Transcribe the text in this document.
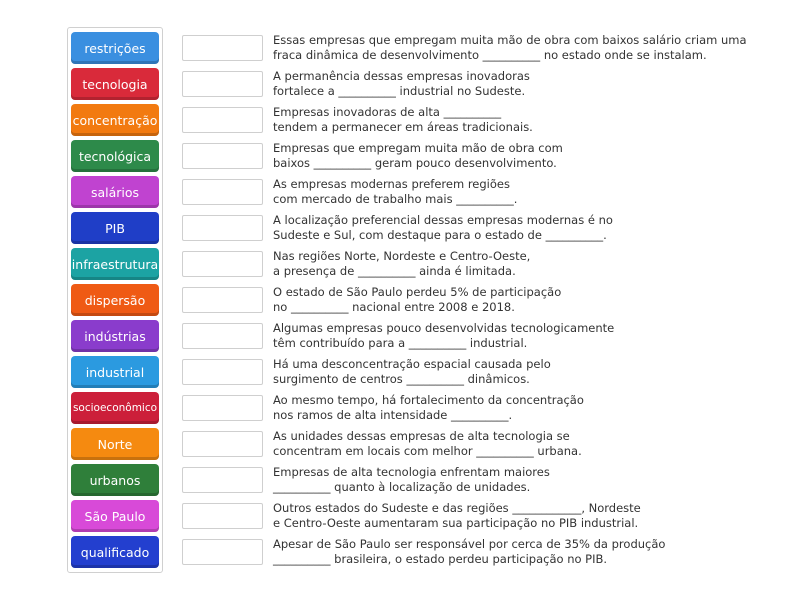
restrições
tecnologia
concentração
tecnológica
salários
PIB
infraestrutura
dispersão
indústrias
industrial
socioeconômico
Norte
urbanos
São Paulo
qualificado
Essas empresas que empregam muita mão de obra com baixos salário criam uma
fraca dinâmica de desenvolvimento __________ no estado onde se instalam.
A permanência dessas empresas inovadoras
fortalece a __________ industrial no Sudeste.
Empresas inovadoras de alta __________
tendem a permanecer em áreas tradicionais.
Empresas que empregam muita mão de obra com
baixos __________ geram pouco desenvolvimento.
As empresas modernas preferem regiões
com mercado de trabalho mais __________.
A localização preferencial dessas empresas modernas é no
Sudeste e Sul, com destaque para o estado de __________.
Nas regiões Norte, Nordeste e Centro-Oeste,
a presença de __________ ainda é limitada.
O estado de São Paulo perdeu 5% de participação
no __________ nacional entre 2008 e 2018.
Algumas empresas pouco desenvolvidas tecnologicamente
têm contribuído para a __________ industrial.
Há uma desconcentração espacial causada pelo
surgimento de centros __________ dinâmicos.
Ao mesmo tempo, há fortalecimento da concentração
nos ramos de alta intensidade __________.
As unidades dessas empresas de alta tecnologia se
concentram em locais com melhor __________ urbana.
Empresas de alta tecnologia enfrentam maiores
__________ quanto à localização de unidades.
Outros estados do Sudeste e das regiões ____________, Nordeste
e Centro-Oeste aumentaram sua participação no PIB industrial.
Apesar de São Paulo ser responsável por cerca de 35% da produção
__________ brasileira, o estado perdeu participação no PIB.
